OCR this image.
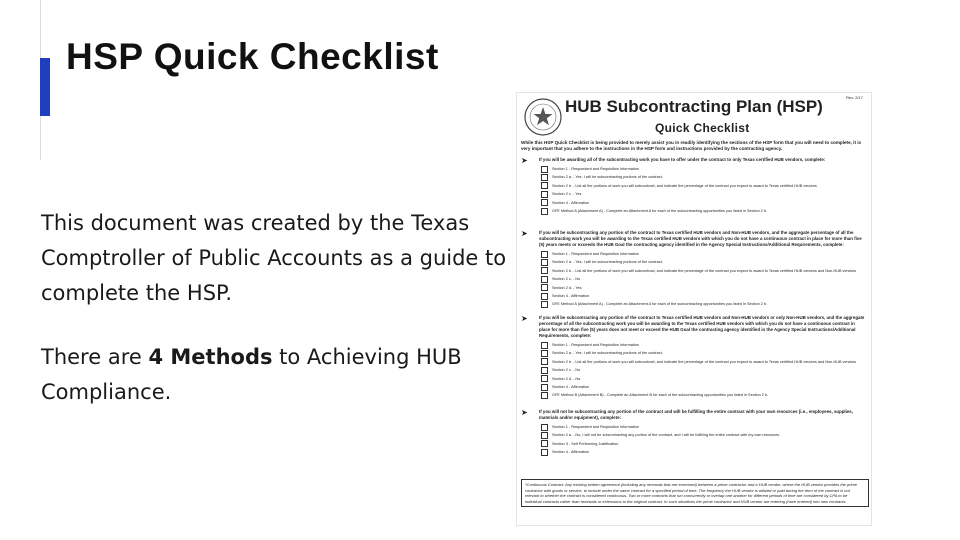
HSP Quick Checklist

This document was created by the Texas Comptroller of Public Accounts as a guide to complete the HSP.

There are 4 Methods to Achieving HUB Compliance.

Rev. 2/17
HUB Subcontracting Plan (HSP)
Quick Checklist
While this HSP Quick Checklist is being provided to merely assist you in readily identifying the sections of the HSP form that you will need to complete, it is very important that you adhere to the instructions in the HSP form and instructions provided by the contracting agency.
➤	If you will be awarding all of the subcontracting work you have to offer under the contract to only Texas certified HUB vendors, complete:
Section 1 - Respondent and Requisition Information
Section 2 a. - Yes, I will be subcontracting portions of the contract.
Section 2 b. - List all the portions of work you will subcontract, and indicate the percentage of the contract you expect to award to Texas certified HUB vendors
Section 2 c. - Yes
Section 4 - Affirmation
GFE Method A (Attachment A) - Complete an Attachment A for each of the subcontracting opportunities you listed in Section 2 b.
➤	If you will be subcontracting any portion of the contract to Texas certified HUB vendors and Non-HUB vendors, and the aggregate percentage of all the subcontracting work you will be awarding to the Texas certified HUB vendors with which you do not have a continuous contract in place for more than five (5) years meets or exceeds the HUB Goal the contracting agency identified in the Agency Special Instructions/Additional Requirements, complete:
Section 1 - Respondent and Requisition Information
Section 2 a. - Yes, I will be subcontracting portions of the contract.
Section 2 b. - List all the portions of work you will subcontract, and indicate the percentage of the contract you expect to award to Texas certified HUB vendors and Non-HUB vendors
Section 2 c. - No
Section 2 d. - Yes
Section 4 - Affirmation
GFE Method A (Attachment A) - Complete an Attachment A for each of the subcontracting opportunities you listed in Section 2 b.
➤	If you will be subcontracting any portion of the contract to Texas certified HUB vendors and Non-HUB vendors or only Non-HUB vendors, and the aggregate percentage of all the subcontracting work you will be awarding to the Texas certified HUB vendors with which you do not have a continuous contract in place for more than five (5) years does not meet or exceed the HUB Goal the contracting agency identified in the Agency Special Instructions/Additional Requirements, complete:
Section 1 - Respondent and Requisition Information
Section 2 a. - Yes, I will be subcontracting portions of the contract.
Section 2 b. - List all the portions of work you will subcontract, and indicate the percentage of the contract you expect to award to Texas certified HUB vendors and Non-HUB vendors
Section 2 c. - No
Section 2 d. - No
Section 4 - Affirmation
GFE Method B (Attachment B) - Complete an Attachment B for each of the subcontracting opportunities you listed in Section 2 b.
➤	If you will not be subcontracting any portion of the contract and will be fulfilling the entire contract with your own resources (i.e., employees, supplies, materials and/or equipment), complete:
Section 1 - Respondent and Requisition Information
Section 2 a. - No, I will not be subcontracting any portion of the contract, and I will be fulfilling the entire contract with my own resources.
Section 3 - Self Performing Justification
Section 4 - Affirmation
*Continuous Contract: Any existing written agreement (including any renewals that are exercised) between a prime contractor and a HUB vendor, where the HUB vendor provides the prime contractor with goods or service, to include under the same contract for a specified period of time. The frequency the HUB vendor is utilized or paid during the term of the contract is not relevant to whether the contract is considered continuous. Two or more contracts that run concurrently or overlap one another for different periods of time are considered by CPA to be individual contracts rather than renewals or extensions to the original contract. In such situations the prime contractor and HUB vendor are entering (have entered) into new contracts.
